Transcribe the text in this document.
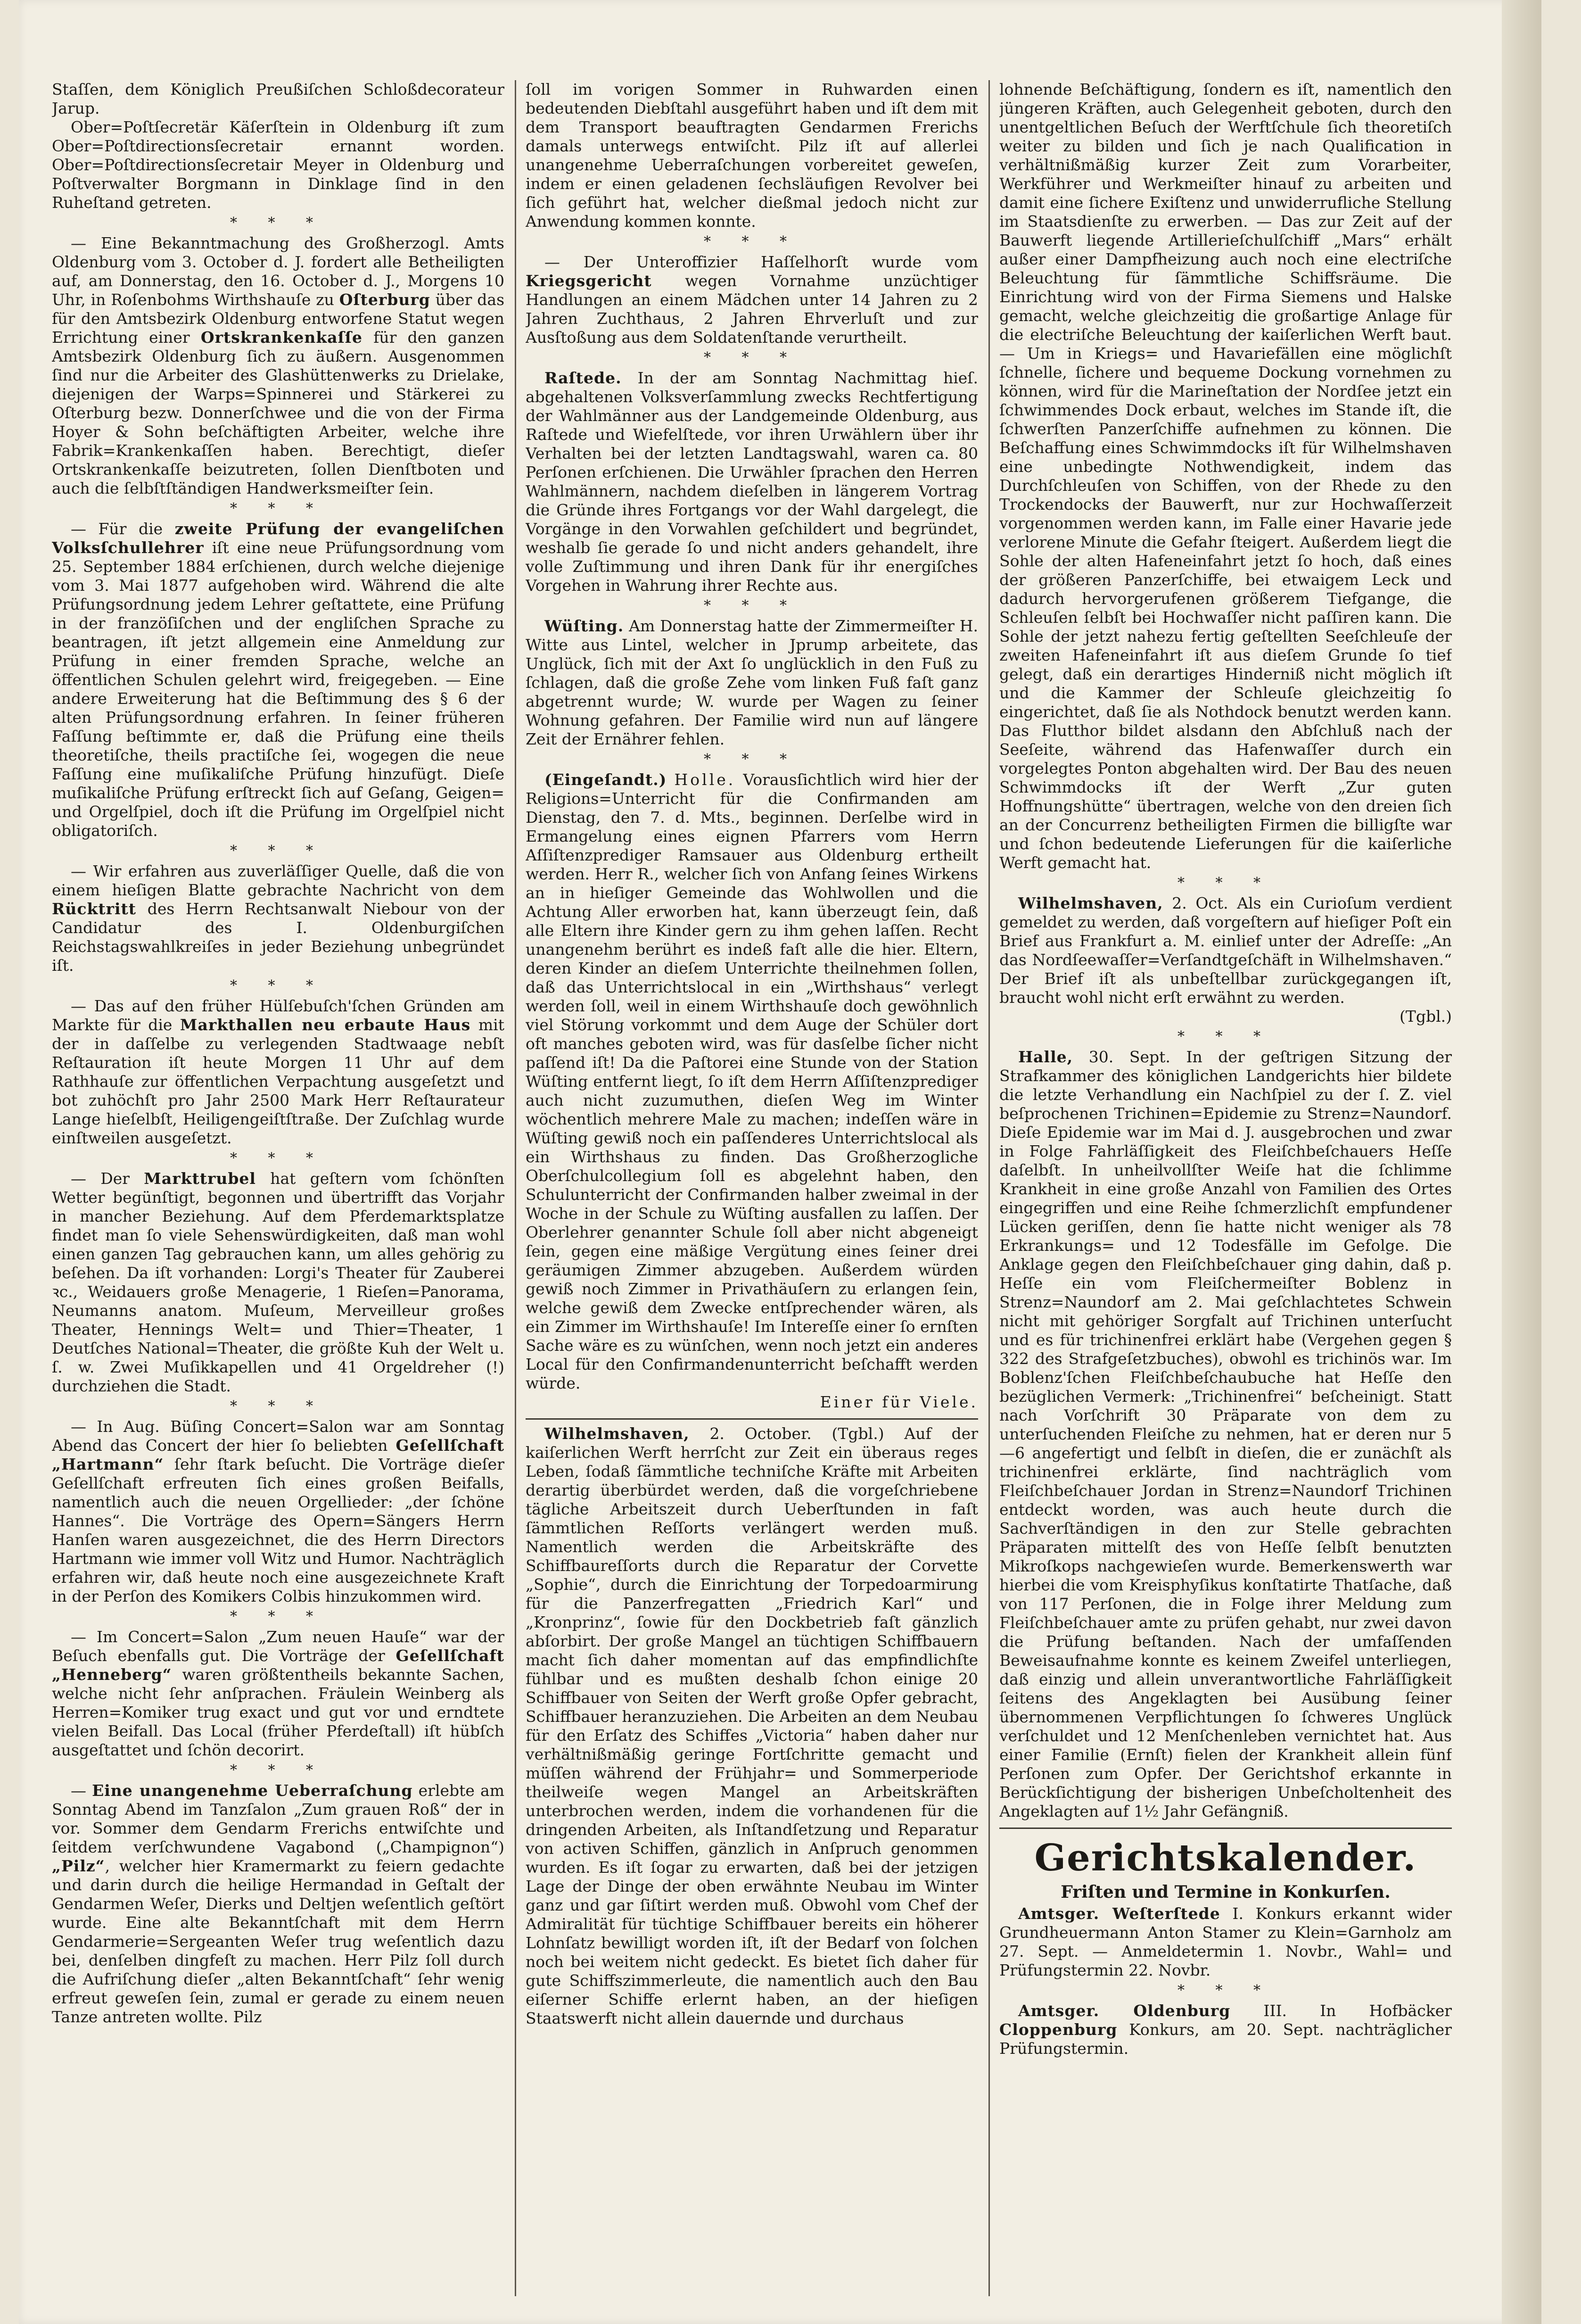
Staſſen, dem Königlich Preußiſchen Schloßdecorateur Jarup.

Ober=Poſtſecretär Käſerſtein in Oldenburg iſt zum Ober=Poſtdirectionsſecretair ernannt worden. Ober=Poſtdirectionsſecretair Meyer in Oldenburg und Poſtverwalter Borgmann in Dinklage ſind in den Ruheſtand getreten.

* * *

— Eine Bekanntmachung des Großherzogl. Amts Oldenburg vom 3. October d. J. fordert alle Betheiligten auf, am Donnerstag, den 16. October d. J., Morgens 10 Uhr, in Roſenbohms Wirthshauſe zu Oſterburg über das für den Amtsbezirk Oldenburg entworfene Statut wegen Errichtung einer Ortskrankenkaſſe für den ganzen Amtsbezirk Oldenburg ſich zu äußern. Ausgenommen ſind nur die Arbeiter des Glashüttenwerks zu Drielake, diejenigen der Warps=Spinnerei und Stärkerei zu Oſterburg bezw. Donnerſchwee und die von der Firma Hoyer & Sohn beſchäftigten Arbeiter, welche ihre Fabrik=Krankenkaſſen haben. Berechtigt, dieſer Ortskrankenkaſſe beizutreten, ſollen Dienſtboten und auch die ſelbſtſtändigen Handwerksmeiſter ſein.

* * *

— Für die zweite Prüfung der evangeliſchen Volksſchullehrer iſt eine neue Prüfungsordnung vom 25. September 1884 erſchienen, durch welche diejenige vom 3. Mai 1877 aufgehoben wird. Während die alte Prüfungsordnung jedem Lehrer geſtattete, eine Prüfung in der franzöſiſchen und der engliſchen Sprache zu beantragen, iſt jetzt allgemein eine Anmeldung zur Prüfung in einer fremden Sprache, welche an öffentlichen Schulen gelehrt wird, freigegeben. — Eine andere Erweiterung hat die Beſtimmung des § 6 der alten Prüfungsordnung erfahren. In ſeiner früheren Faſſung beſtimmte er, daß die Prüfung eine theils theoretiſche, theils practiſche ſei, wogegen die neue Faſſung eine muſikaliſche Prüfung hinzufügt. Dieſe muſikaliſche Prüfung erſtreckt ſich auf Geſang, Geigen= und Orgelſpiel, doch iſt die Prüfung im Orgelſpiel nicht obligatoriſch.

* * *

— Wir erfahren aus zuverläſſiger Quelle, daß die von einem hieſigen Blatte gebrachte Nachricht von dem Rücktritt des Herrn Rechtsanwalt Niebour von der Candidatur des I. Oldenburgiſchen Reichstagswahlkreiſes in jeder Beziehung unbegründet iſt.

* * *

— Das auf den früher Hülſebuſch'ſchen Gründen am Markte für die Markthallen neu erbaute Haus mit der in daſſelbe zu verlegenden Stadtwaage nebſt Reſtauration iſt heute Morgen 11 Uhr auf dem Rathhauſe zur öffentlichen Verpachtung ausgeſetzt und bot zuhöchſt pro Jahr 2500 Mark Herr Reſtaurateur Lange hieſelbſt, Heiligengeiſtſtraße. Der Zuſchlag wurde einſtweilen ausgeſetzt.

* * *

— Der Markttrubel hat geſtern vom ſchönſten Wetter begünſtigt, begonnen und übertrifft das Vorjahr in mancher Beziehung. Auf dem Pferdemarktsplatze findet man ſo viele Sehenswürdigkeiten, daß man wohl einen ganzen Tag gebrauchen kann, um alles gehörig zu beſehen. Da iſt vorhanden: Lorgi's Theater für Zauberei ꝛc., Weidauers große Menagerie, 1 Rieſen=Panorama, Neumanns anatom. Muſeum, Merveilleur großes Theater, Hennings Welt= und Thier=Theater, 1 Deutſches National=Theater, die größte Kuh der Welt u. ſ. w. Zwei Muſikkapellen und 41 Orgeldreher (!) durchziehen die Stadt.

* * *

— In Aug. Büſing Concert=Salon war am Sonntag Abend das Concert der hier ſo beliebten Geſellſchaft „Hartmann“ ſehr ſtark beſucht. Die Vorträge dieſer Geſellſchaft erfreuten ſich eines großen Beifalls, namentlich auch die neuen Orgellieder: „der ſchöne Hannes“. Die Vorträge des Opern=Sängers Herrn Hanſen waren ausgezeichnet, die des Herrn Directors Hartmann wie immer voll Witz und Humor. Nachträglich erfahren wir, daß heute noch eine ausgezeichnete Kraft in der Perſon des Komikers Colbis hinzukommen wird.

* * *

— Im Concert=Salon „Zum neuen Hauſe“ war der Beſuch ebenfalls gut. Die Vorträge der Geſellſchaft „Henneberg“ waren größtentheils bekannte Sachen, welche nicht ſehr anſprachen. Fräulein Weinberg als Herren=Komiker trug exact und gut vor und erndtete vielen Beifall. Das Local (früher Pferdeſtall) iſt hübſch ausgeſtattet und ſchön decorirt.

* * *

— Eine unangenehme Ueberraſchung erlebte am Sonntag Abend im Tanzſalon „Zum grauen Roß“ der in vor. Sommer dem Gendarm Frerichs entwiſchte und ſeitdem verſchwundene Vagabond („Champignon“) „Pilz“, welcher hier Kramermarkt zu feiern gedachte und darin durch die heilige Hermandad in Geſtalt der Gendarmen Weſer, Dierks und Deltjen weſentlich geſtört wurde. Eine alte Bekanntſchaft mit dem Herrn Gendarmerie=Sergeanten Weſer trug weſentlich dazu bei, denſelben dingfeſt zu machen. Herr Pilz ſoll durch die Aufriſchung dieſer „alten Bekanntſchaft“ ſehr wenig erfreut geweſen ſein, zumal er gerade zu einem neuen Tanze antreten wollte. Pilz

ſoll im vorigen Sommer in Ruhwarden einen bedeutenden Diebſtahl ausgeführt haben und iſt dem mit dem Transport beauftragten Gendarmen Frerichs damals unterwegs entwiſcht. Pilz iſt auf allerlei unangenehme Ueberraſchungen vorbereitet geweſen, indem er einen geladenen ſechsläufigen Revolver bei ſich geführt hat, welcher dießmal jedoch nicht zur Anwendung kommen konnte.

* * *

— Der Unteroffizier Haſſelhorſt wurde vom Kriegsgericht wegen Vornahme unzüchtiger Handlungen an einem Mädchen unter 14 Jahren zu 2 Jahren Zuchthaus, 2 Jahren Ehrverluſt und zur Ausſtoßung aus dem Soldatenſtande verurtheilt.

* * *

Raſtede. In der am Sonntag Nachmittag hieſ. abgehaltenen Volksverſammlung zwecks Rechtfertigung der Wahlmänner aus der Landgemeinde Oldenburg, aus Raſtede und Wiefelſtede, vor ihren Urwählern über ihr Verhalten bei der letzten Landtagswahl, waren ca. 80 Perſonen erſchienen. Die Urwähler ſprachen den Herren Wahlmännern, nachdem dieſelben in längerem Vortrag die Gründe ihres Fortgangs vor der Wahl dargelegt, die Vorgänge in den Vorwahlen geſchildert und begründet, weshalb ſie gerade ſo und nicht anders gehandelt, ihre volle Zuſtimmung und ihren Dank für ihr energiſches Vorgehen in Wahrung ihrer Rechte aus.

* * *

Wüſting. Am Donnerstag hatte der Zimmermeiſter H. Witte aus Lintel, welcher in Jprump arbeitete, das Unglück, ſich mit der Axt ſo unglücklich in den Fuß zu ſchlagen, daß die große Zehe vom linken Fuß faſt ganz abgetrennt wurde; W. wurde per Wagen zu ſeiner Wohnung gefahren. Der Familie wird nun auf längere Zeit der Ernährer fehlen.

* * *

(Eingeſandt.) Holle. Vorausſichtlich wird hier der Religions=Unterricht für die Confirmanden am Dienstag, den 7. d. Mts., beginnen. Derſelbe wird in Ermangelung eines eignen Pfarrers vom Herrn Aſſiſtenzprediger Ramsauer aus Oldenburg ertheilt werden. Herr R., welcher ſich von Anfang ſeines Wirkens an in hieſiger Gemeinde das Wohlwollen und die Achtung Aller erworben hat, kann überzeugt ſein, daß alle Eltern ihre Kinder gern zu ihm gehen laſſen. Recht unangenehm berührt es indeß faſt alle die hier. Eltern, deren Kinder an dieſem Unterrichte theilnehmen ſollen, daß das Unterrichtslocal in ein „Wirthshaus“ verlegt werden ſoll, weil in einem Wirthshauſe doch gewöhnlich viel Störung vorkommt und dem Auge der Schüler dort oft manches geboten wird, was für dasſelbe ſicher nicht paſſend iſt! Da die Paſtorei eine Stunde von der Station Wüſting entfernt liegt, ſo iſt dem Herrn Aſſiſtenzprediger auch nicht zuzumuthen, dieſen Weg im Winter wöchentlich mehrere Male zu machen; indeſſen wäre in Wüſting gewiß noch ein paſſenderes Unterrichtslocal als ein Wirthshaus zu finden. Das Großherzogliche Oberſchulcollegium ſoll es abgelehnt haben, den Schulunterricht der Confirmanden halber zweimal in der Woche in der Schule zu Wüſting ausfallen zu laſſen. Der Oberlehrer genannter Schule ſoll aber nicht abgeneigt ſein, gegen eine mäßige Vergütung eines ſeiner drei geräumigen Zimmer abzugeben. Außerdem würden gewiß noch Zimmer in Privathäuſern zu erlangen ſein, welche gewiß dem Zwecke entſprechender wären, als ein Zimmer im Wirthshauſe! Im Intereſſe einer ſo ernſten Sache wäre es zu wünſchen, wenn noch jetzt ein anderes Local für den Confirmandenunterricht beſchafft werden würde.

Einer für Viele.

Wilhelmshaven, 2. October. (Tgbl.) Auf der kaiſerlichen Werft herrſcht zur Zeit ein überaus reges Leben, ſodaß ſämmtliche techniſche Kräfte mit Arbeiten derartig überbürdet werden, daß die vorgeſchriebene tägliche Arbeitszeit durch Ueberſtunden in faſt ſämmtlichen Reſſorts verlängert werden muß. Namentlich werden die Arbeitskräfte des Schiffbaureſſorts durch die Reparatur der Corvette „Sophie“, durch die Einrichtung der Torpedoarmirung für die Panzerfregatten „Friedrich Karl“ und „Kronprinz“, ſowie für den Dockbetrieb faſt gänzlich abſorbirt. Der große Mangel an tüchtigen Schiffbauern macht ſich daher momentan auf das empfindlichſte fühlbar und es mußten deshalb ſchon einige 20 Schiffbauer von Seiten der Werft große Opfer gebracht, Schiffbauer heranzuziehen. Die Arbeiten an dem Neubau für den Erſatz des Schiffes „Victoria“ haben daher nur verhältnißmäßig geringe Fortſchritte gemacht und müſſen während der Frühjahr= und Sommerperiode theilweiſe wegen Mangel an Arbeitskräften unterbrochen werden, indem die vorhandenen für die dringenden Arbeiten, als Inſtandſetzung und Reparatur von activen Schiffen, gänzlich in Anſpruch genommen wurden. Es iſt ſogar zu erwarten, daß bei der jetzigen Lage der Dinge der oben erwähnte Neubau im Winter ganz und gar ſiſtirt werden muß. Obwohl vom Chef der Admiralität für tüchtige Schiffbauer bereits ein höherer Lohnſatz bewilligt worden iſt, iſt der Bedarf von ſolchen noch bei weitem nicht gedeckt. Es bietet ſich daher für gute Schiffszimmerleute, die namentlich auch den Bau eiſerner Schiffe erlernt haben, an der hieſigen Staatswerft nicht allein dauernde und durchaus

lohnende Beſchäftigung, ſondern es iſt, namentlich den jüngeren Kräften, auch Gelegenheit geboten, durch den unentgeltlichen Beſuch der Werftſchule ſich theoretiſch weiter zu bilden und ſich je nach Qualification in verhältnißmäßig kurzer Zeit zum Vorarbeiter, Werkführer und Werkmeiſter hinauf zu arbeiten und damit eine ſichere Exiſtenz und unwiderrufliche Stellung im Staatsdienſte zu erwerben. — Das zur Zeit auf der Bauwerft liegende Artillerieſchulſchiff „Mars“ erhält außer einer Dampfheizung auch noch eine electriſche Beleuchtung für ſämmtliche Schiffsräume. Die Einrichtung wird von der Firma Siemens und Halske gemacht, welche gleichzeitig die großartige Anlage für die electriſche Beleuchtung der kaiſerlichen Werft baut. — Um in Kriegs= und Havariefällen eine möglichſt ſchnelle, ſichere und bequeme Dockung vornehmen zu können, wird für die Marineſtation der Nordſee jetzt ein ſchwimmendes Dock erbaut, welches im Stande iſt, die ſchwerſten Panzerſchiffe aufnehmen zu können. Die Beſchaffung eines Schwimmdocks iſt für Wilhelmshaven eine unbedingte Nothwendigkeit, indem das Durchſchleuſen von Schiffen, von der Rhede zu den Trockendocks der Bauwerft, nur zur Hochwaſſerzeit vorgenommen werden kann, im Falle einer Havarie jede verlorene Minute die Gefahr ſteigert. Außerdem liegt die Sohle der alten Hafeneinfahrt jetzt ſo hoch, daß eines der größeren Panzerſchiffe, bei etwaigem Leck und dadurch hervorgerufenen größerem Tiefgange, die Schleuſen ſelbſt bei Hochwaſſer nicht paſſiren kann. Die Sohle der jetzt nahezu fertig geſtellten Seeſchleuſe der zweiten Hafeneinfahrt iſt aus dieſem Grunde ſo tief gelegt, daß ein derartiges Hinderniß nicht möglich iſt und die Kammer der Schleuſe gleichzeitig ſo eingerichtet, daß ſie als Nothdock benutzt werden kann. Das Flutthor bildet alsdann den Abſchluß nach der Seeſeite, während das Hafenwaſſer durch ein vorgelegtes Ponton abgehalten wird. Der Bau des neuen Schwimmdocks iſt der Werft „Zur guten Hoffnungshütte“ übertragen, welche von den dreien ſich an der Concurrenz betheiligten Firmen die billigſte war und ſchon bedeutende Lieferungen für die kaiſerliche Werft gemacht hat.

* * *

Wilhelmshaven, 2. Oct. Als ein Curioſum verdient gemeldet zu werden, daß vorgeſtern auf hieſiger Poſt ein Brief aus Frankfurt a. M. einlief unter der Adreſſe: „An das Nordſeewaſſer=Verſandtgeſchäft in Wilhelmshaven.“ Der Brief iſt als unbeſtellbar zurückgegangen iſt, braucht wohl nicht erſt erwähnt zu werden.

(Tgbl.)
* * *

Halle, 30. Sept. In der geſtrigen Sitzung der Strafkammer des königlichen Landgerichts hier bildete die letzte Verhandlung ein Nachſpiel zu der ſ. Z. viel beſprochenen Trichinen=Epidemie zu Strenz=Naundorf. Dieſe Epidemie war im Mai d. J. ausgebrochen und zwar in Folge Fahrläſſigkeit des Fleiſchbeſchauers Heſſe daſelbſt. In unheilvollſter Weiſe hat die ſchlimme Krankheit in eine große Anzahl von Familien des Ortes eingegriffen und eine Reihe ſchmerzlichſt empfundener Lücken geriſſen, denn ſie hatte nicht weniger als 78 Erkrankungs= und 12 Todesfälle im Gefolge. Die Anklage gegen den Fleiſchbeſchauer ging dahin, daß p. Heſſe ein vom Fleiſchermeiſter Boblenz in Strenz=Naundorf am 2. Mai geſchlachtetes Schwein nicht mit gehöriger Sorgfalt auf Trichinen unterſucht und es für trichinenfrei erklärt habe (Vergehen gegen § 322 des Strafgeſetzbuches), obwohl es trichinös war. Im Boblenz'ſchen Fleiſchbeſchaubuche hat Heſſe den bezüglichen Vermerk: „Trichinenfrei“ beſcheinigt. Statt nach Vorſchrift 30 Präparate von dem zu unterſuchenden Fleiſche zu nehmen, hat er deren nur 5—6 angefertigt und ſelbſt in dieſen, die er zunächſt als trichinenfrei erklärte, ſind nachträglich vom Fleiſchbeſchauer Jordan in Strenz=Naundorf Trichinen entdeckt worden, was auch heute durch die Sachverſtändigen in den zur Stelle gebrachten Präparaten mittelſt des von Heſſe ſelbſt benutzten Mikroſkops nachgewieſen wurde. Bemerkenswerth war hierbei die vom Kreisphyſikus konſtatirte Thatſache, daß von 117 Perſonen, die in Folge ihrer Meldung zum Fleiſchbeſchauer amte zu prüfen gehabt, nur zwei davon die Prüfung beſtanden. Nach der umfaſſenden Beweisaufnahme konnte es keinem Zweifel unterliegen, daß einzig und allein unverantwortliche Fahrläſſigkeit ſeitens des Angeklagten bei Ausübung ſeiner übernommenen Verpflichtungen ſo ſchweres Unglück verſchuldet und 12 Menſchenleben vernichtet hat. Aus einer Familie (Ernſt) fielen der Krankheit allein fünf Perſonen zum Opfer. Der Gerichtshof erkannte in Berückſichtigung der bisherigen Unbeſcholtenheit des Angeklagten auf 1½ Jahr Gefängniß.

Gerichtskalender.
Friſten und Termine in Konkurſen.

Amtsger. Weſterſtede I. Konkurs erkannt wider Grundheuermann Anton Stamer zu Klein=Garnholz am 27. Sept. — Anmeldetermin 1. Novbr., Wahl= und Prüfungstermin 22. Novbr.

* * *

Amtsger. Oldenburg III. In Hofbäcker Cloppenburg Konkurs, am 20. Sept. nachträglicher Prüfungstermin.
